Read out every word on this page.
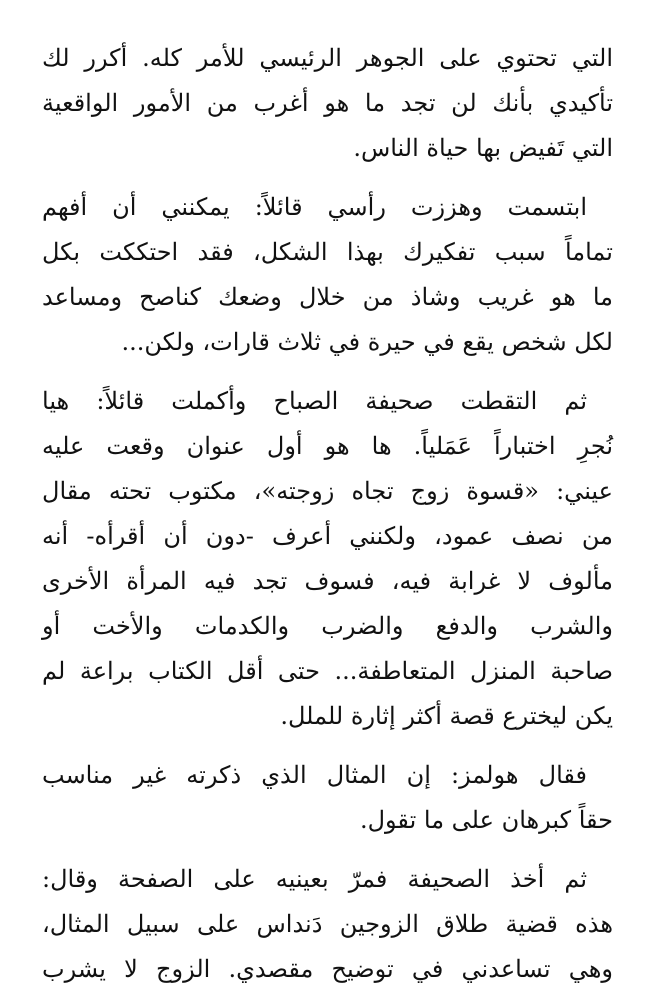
التي تحتوي على الجوهر الرئيسي للأمر كله. أكرر لك
تأكيدي بأنك لن تجد ما هو أغرب من الأمور الواقعية
التي تَفيض بها حياة الناس.
ابتسمت وهززت رأسي قائلاً: يمكنني أن أفهم
تماماً سبب تفكيرك بهذا الشكل، فقد احتككت بكل
ما هو غريب وشاذ من خلال وضعك كناصح ومساعد
لكل شخص يقع في حيرة في ثلاث قارات، ولكن...
ثم التقطت صحيفة الصباح وأكملت قائلاً: هيا
نُجرِ اختباراً عَمَلياً. ها هو أول عنوان وقعت عليه
عيني: «قسوة زوج تجاه زوجته»، مكتوب تحته مقال
من نصف عمود، ولكنني أعرف -دون أن أقرأه- أنه
مألوف لا غرابة فيه، فسوف تجد فيه المرأة الأخرى
والشرب والدفع والضرب والكدمات والأخت أو
صاحبة المنزل المتعاطفة... حتى أقل الكتاب براعة لم
يكن ليخترع قصة أكثر إثارة للملل.
فقال هولمز: إن المثال الذي ذكرته غير مناسب
حقاً كبرهان على ما تقول.
ثم أخذ الصحيفة فمرّ بعينيه على الصفحة وقال:
هذه قضية طلاق الزوجين دَنداس على سبيل المثال،
وهي تساعدني في توضيح مقصدي. الزوج لا يشرب
